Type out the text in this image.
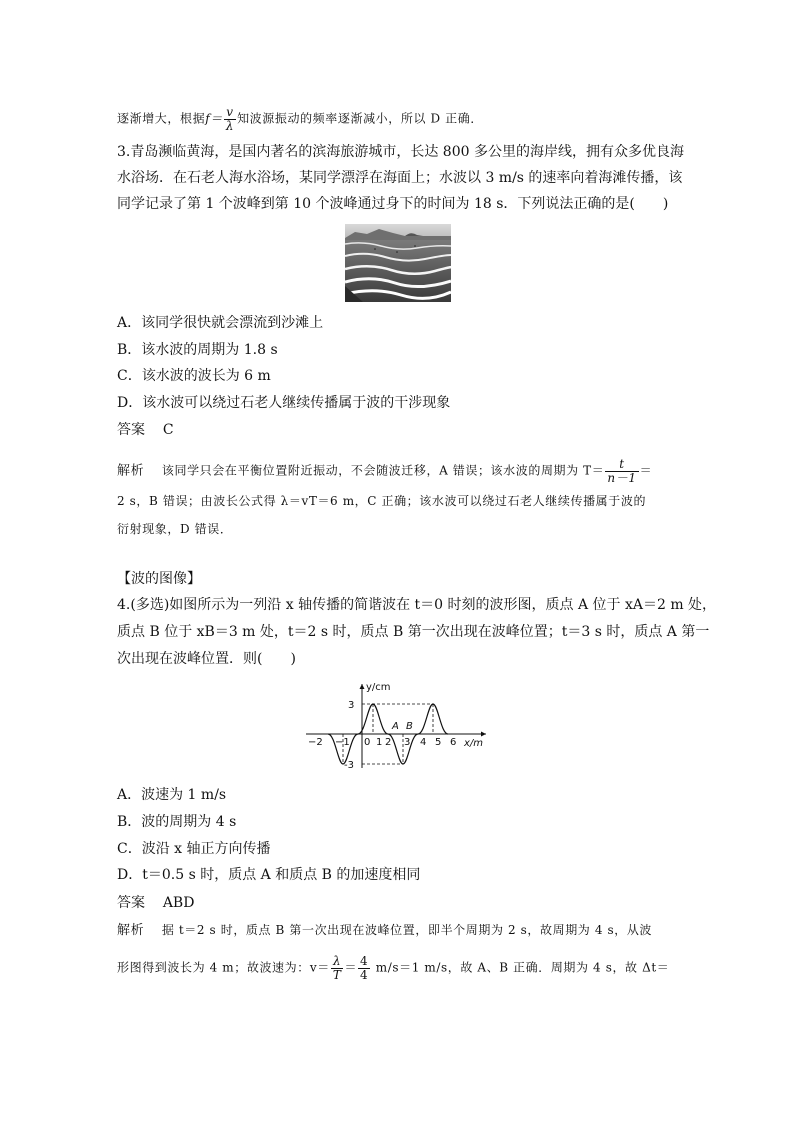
逐渐增大，根据$f= \frac{v}{\lambda}$ 知波源振动的频率逐渐减小，所以 D 正确．
3.青岛濒临黄海，是国内著名的滨海旅游城市，长达 800 多公里的海岸线，拥有众多优良海
水浴场．在石老人海水浴场，某同学漂浮在海面上；水波以 3 m/s 的速率向着海滩传播，该
同学记录了第 1 个波峰到第 10 个波峰通过身下的时间为 18 s．下列说法正确的是(　　)
A．该同学很快就会漂流到沙滩上
B．该水波的周期为 1.8 s
C．该水波的波长为 6 m
D．该水波可以绕过石老人继续传播属于波的干涉现象
答案 C
解析 该同学只会在平衡位置附近振动，不会随波迁移，A 错误；该水波的周期为 $T= \frac{t}{n-1}$ ＝
2 s，B 错误；由波长公式得 λ＝vT＝6 m，C 正确；该水波可以绕过石老人继续传播属于波的
衍射现象，D 错误．
【波的图像】
4.(多选)如图所示为一列沿 x 轴传播的简谐波在 t＝0 时刻的波形图，质点 A 位于 xA＝2 m 处，
质点 B 位于 xB＝3 m 处，t＝2 s 时，质点 B 第一次出现在波峰位置；t＝3 s 时，质点 A 第一
次出现在波峰位置．则(　　)
y/cm
x/m
3
-3
−2 −1 0 1 2 3 4 5 6
A B
A．波速为 1 m/s
B．波的周期为 4 s
C．波沿 x 轴正方向传播
D．t＝0.5 s 时，质点 A 和质点 B 的加速度相同
答案 ABD
解析 据 t＝2 s 时，质点 B 第一次出现在波峰位置，即半个周期为 2 s，故周期为 4 s，从波
形图得到波长为 4 m；故波速为：$v= \frac{\lambda}{T} = \frac{4}{4} m/s=1$ m/s，故 A、B 正确．周期为 4 s，故 Δt＝
